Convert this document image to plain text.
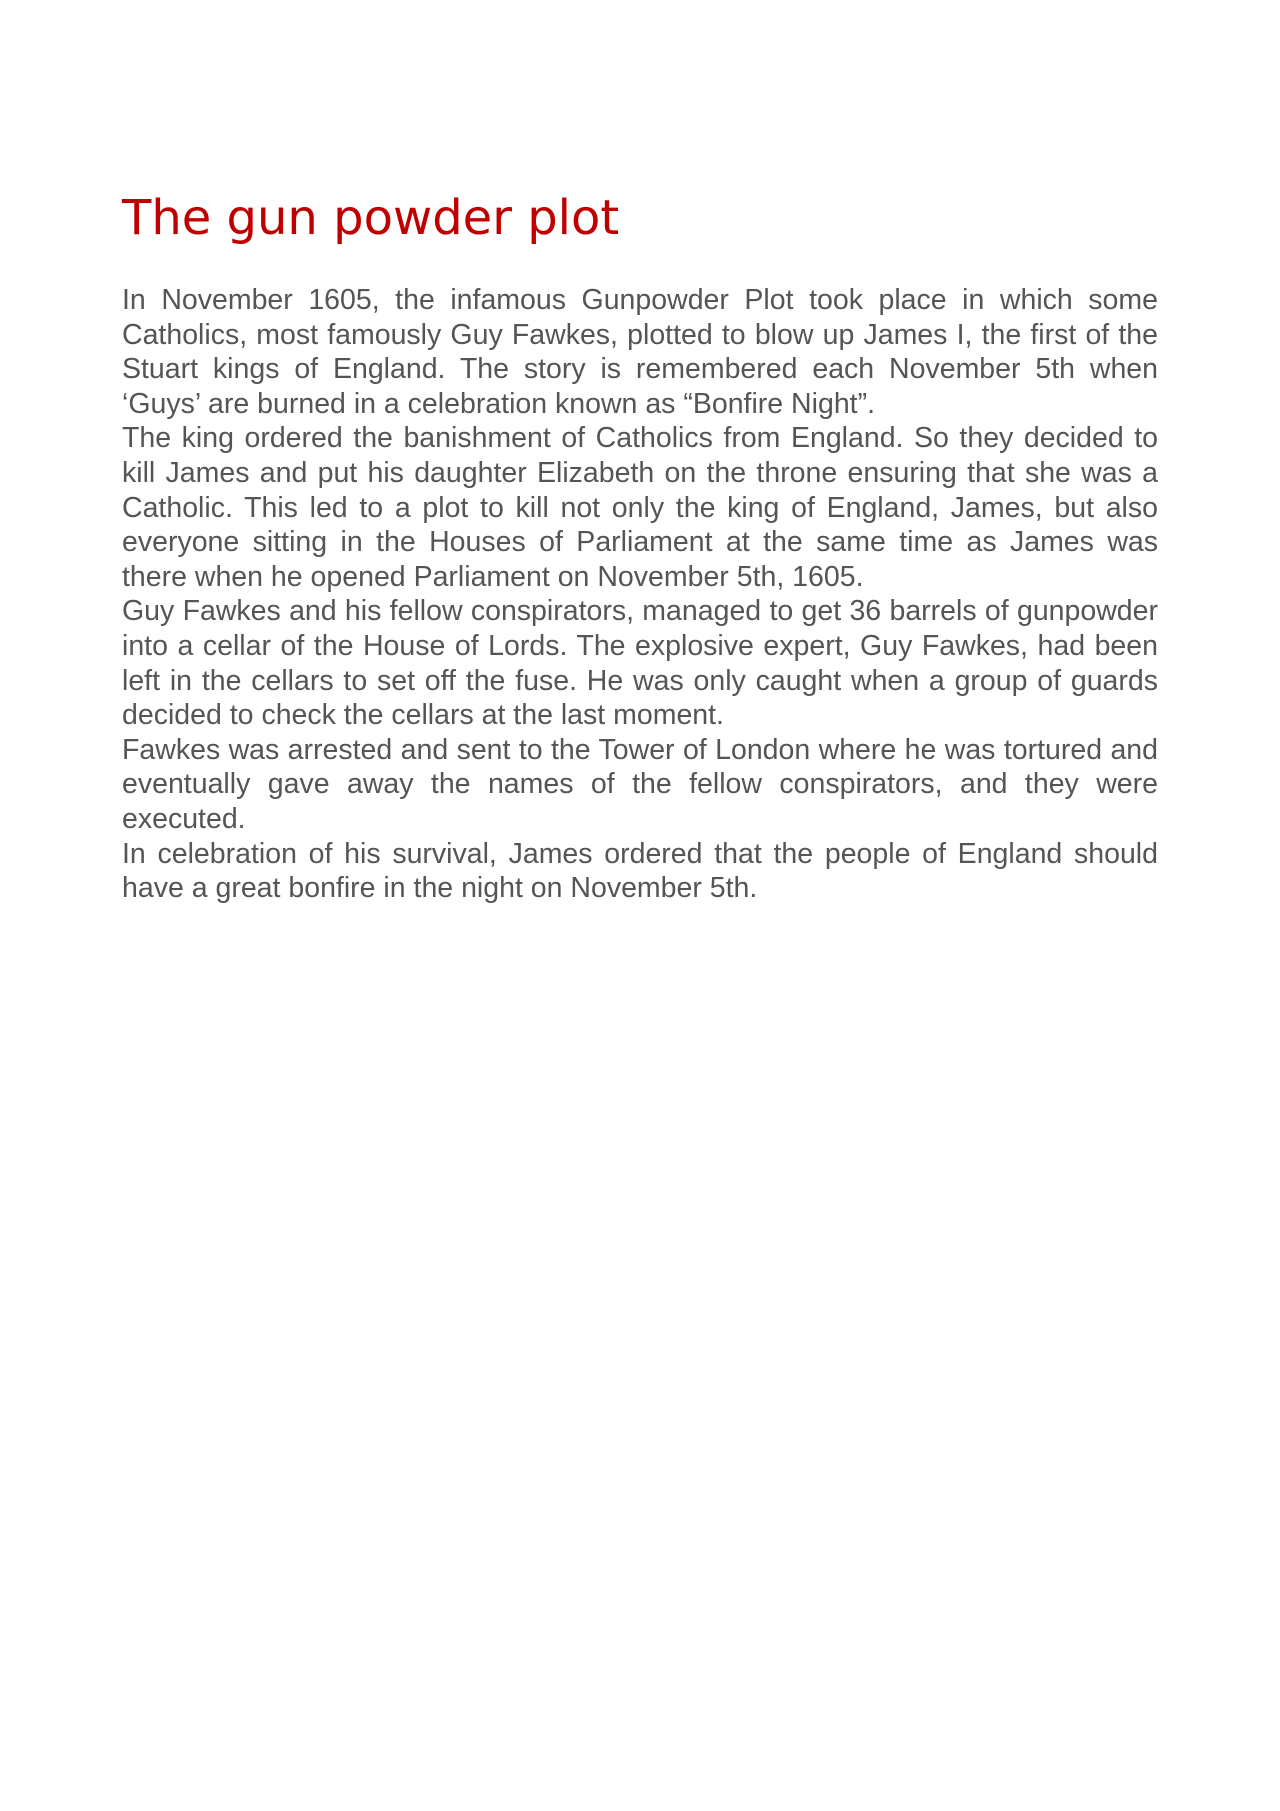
The gun powder plot

In November 1605, the infamous Gunpowder Plot took place in which some Catholics, most famously Guy Fawkes, plotted to blow up James I, the first of the Stuart kings of England. The story is remembered each November 5th when ‘Guys’ are burned in a celebration known as “Bonfire Night”.

The king ordered the banishment of Catholics from England. So they decided to kill James and put his daughter Elizabeth on the throne ensuring that she was a Catholic. This led to a plot to kill not only the king of England, James, but also everyone sitting in the Houses of Parliament at the same time as James was there when he opened Parliament on November 5th, 1605.

Guy Fawkes and his fellow conspirators, managed to get 36 barrels of gunpowder into a cellar of the House of Lords. The explosive expert, Guy Fawkes, had been left in the cellars to set off the fuse. He was only caught when a group of guards decided to check the cellars at the last moment.

Fawkes was arrested and sent to the Tower of London where he was tortured and eventually gave away the names of the fellow conspirators, and they were executed.

In celebration of his survival, James ordered that the people of England should have a great bonfire in the night on November 5th.
